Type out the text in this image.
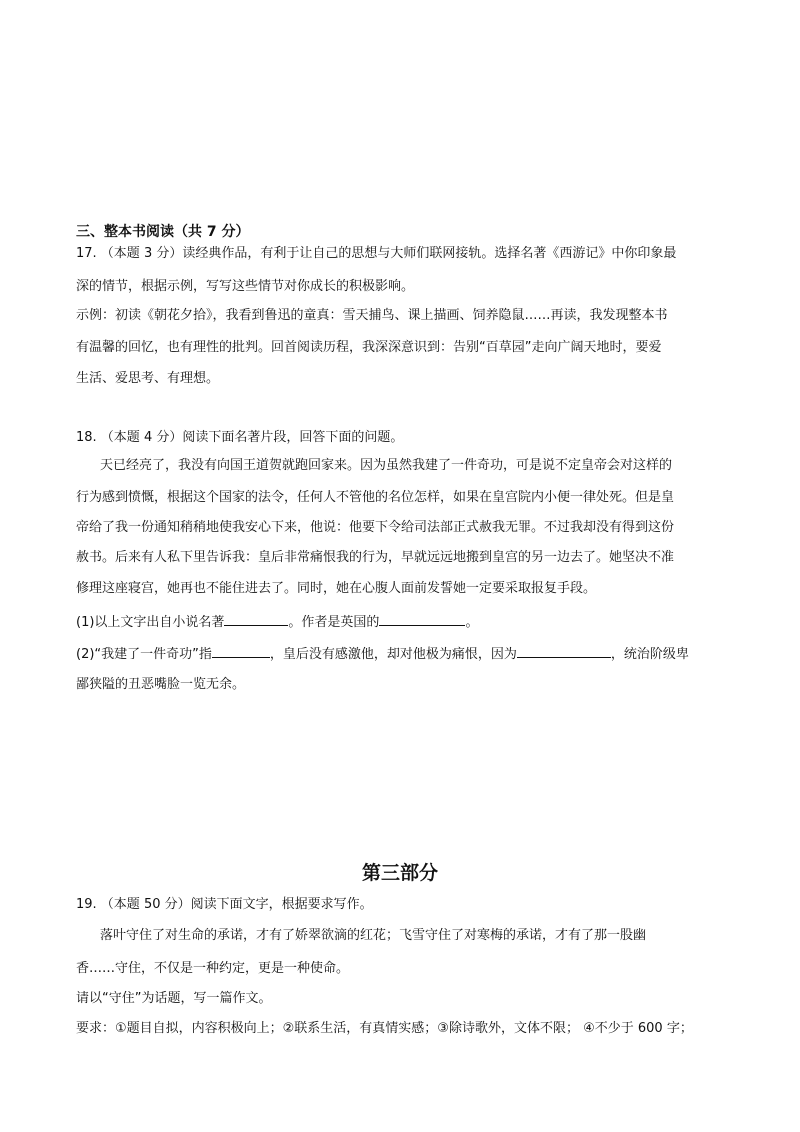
三、整本书阅读（共 7 分）
17. （本题 3 分）读经典作品，有利于让自己的思想与大师们联网接轨。选择名著《西游记》中你印象最
深的情节，根据示例，写写这些情节对你成长的积极影响。
示例：初读《朝花夕拾》，我看到鲁迅的童真：雪天捕鸟、课上描画、饲养隐鼠……再读，我发现整本书
有温馨的回忆，也有理性的批判。回首阅读历程，我深深意识到：告别“百草园”走向广阔天地时，要爱
生活、爱思考、有理想。
18. （本题 4 分）阅读下面名著片段，回答下面的问题。
天已经亮了，我没有向国王道贺就跑回家来。因为虽然我建了一件奇功，可是说不定皇帝会对这样的
行为感到愤慨，根据这个国家的法令，任何人不管他的名位怎样，如果在皇宫院内小便一律处死。但是皇
帝给了我一份通知稍稍地使我安心下来，他说：他要下令给司法部正式赦我无罪。不过我却没有得到这份
赦书。后来有人私下里告诉我：皇后非常痛恨我的行为，早就远远地搬到皇宫的另一边去了。她坚决不准
修理这座寝宫，她再也不能住进去了。同时，她在心腹人面前发誓她一定要采取报复手段。
(1)以上文字出自小说名著	。作者是英国的	。
(2)“我建了一件奇功”指	，皇后没有感激他，却对他极为痛恨，因为	，统治阶级卑
鄙狭隘的丑恶嘴脸一览无余。
第三部分
19. （本题 50 分）阅读下面文字，根据要求写作。
落叶守住了对生命的承诺，才有了娇翠欲滴的红花；飞雪守住了对寒梅的承诺，才有了那一股幽
香……守住，不仅是一种约定，更是一种使命。
请以“守住”为话题，写一篇作文。
要求：①题目自拟，内容积极向上；②联系生活，有真情实感；③除诗歌外，文体不限； ④不少于 600 字；
